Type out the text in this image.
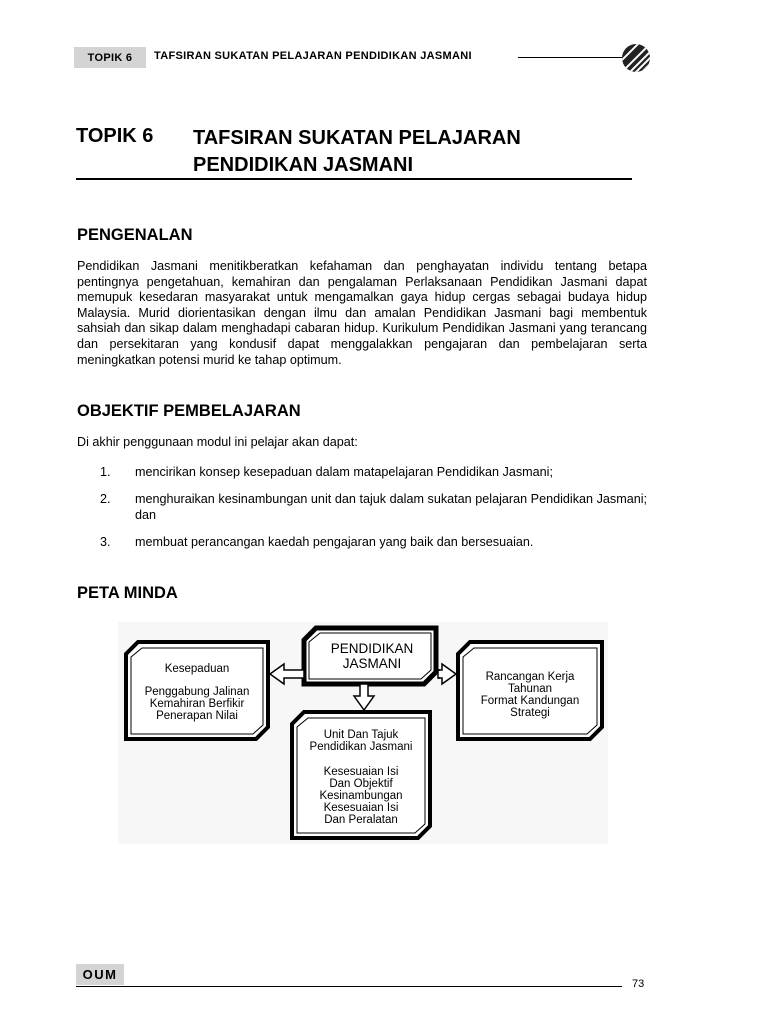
TOPIK 6	TAFSIRAN SUKATAN PELAJARAN PENDIDIKAN JASMANI
TOPIK 6 TAFSIRAN SUKATAN PELAJARAN
PENDIDIKAN JASMANI
PENGENALAN
Pendidikan Jasmani menitikberatkan kefahaman dan penghayatan individu tentang betapa pentingnya pengetahuan, kemahiran dan pengalaman Perlaksanaan Pendidikan Jasmani dapat memupuk kesedaran masyarakat untuk mengamalkan gaya hidup cergas sebagai budaya hidup Malaysia. Murid diorientasikan dengan ilmu dan amalan Pendidikan Jasmani bagi membentuk sahsiah dan sikap dalam menghadapi cabaran hidup. Kurikulum Pendidikan Jasmani yang terancang dan persekitaran yang kondusif dapat menggalakkan pengajaran dan pembelajaran serta meningkatkan potensi murid ke tahap optimum.
OBJEKTIF PEMBELAJARAN
Di akhir penggunaan modul ini pelajar akan dapat:
1. mencirikan konsep kesepaduan dalam matapelajaran Pendidikan Jasmani;
2. menghuraikan kesinambungan unit dan tajuk dalam sukatan pelajaran Pendidikan Jasmani; dan
3. membuat perancangan kaedah pengajaran yang baik dan bersesuaian.
PETA MINDA
Kesepaduan
Penggabung Jalinan
Kemahiran Berfikir
Penerapan Nilai
PENDIDIKAN
JASMANI
Rancangan Kerja
Tahunan
Format Kandungan
Strategi
Unit Dan Tajuk
Pendidikan Jasmani
Kesesuaian Isi
Dan Objektif
Kesinambungan
Kesesuaian Isi
Dan Peralatan
OUM
73
